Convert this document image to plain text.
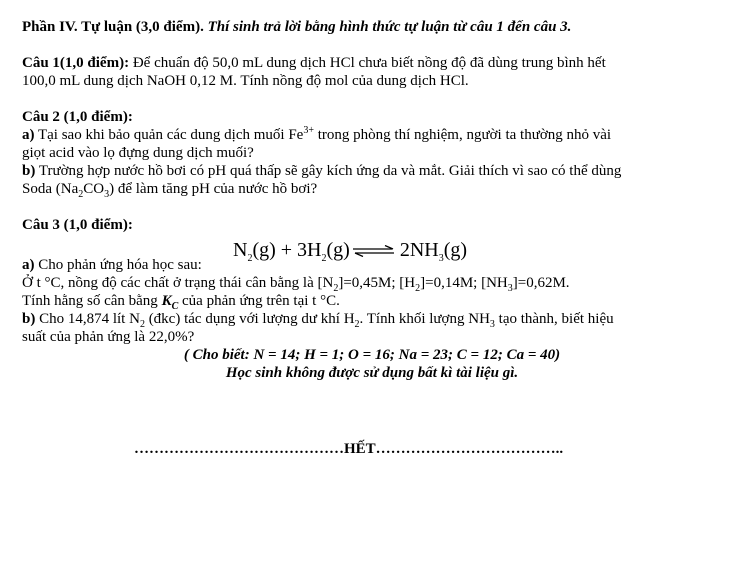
Phần IV. Tự luận (3,0 điểm). Thí sinh trả lời bằng hình thức tự luận từ câu 1 đến câu 3.
Câu 1(1,0 điểm): Để chuẩn độ 50,0 mL dung dịch HCl chưa biết nồng độ đã dùng trung bình hết
100,0 mL dung dịch NaOH 0,12 M. Tính nồng độ mol của dung dịch HCl.
Câu 2 (1,0 điểm):
a) Tại sao khi bảo quản các dung dịch muối $Fe^{3+}$ trong phòng thí nghiệm, người ta thường nhỏ vài
giọt acid vào lọ đựng dung dịch muối?
b) Trường hợp nước hồ bơi có pH quá thấp sẽ gây kích ứng da và mắt. Giải thích vì sao có thể dùng
Soda $(Na_2CO_3)$ để làm tăng pH của nước hồ bơi?
Câu 3 (1,0 điểm):
a) Cho phản ứng hóa học sau:
$N_2(g) + 3H_2(g)$ ⇌ $2NH_3(g)$
Ở t °C, nồng độ các chất ở trạng thái cân bằng là $[N_2]=0,45M$; $[H_2]=0,14M$; $[NH_3]=0,62M$.
Tính hằng số cân bằng $K_C$ của phản ứng trên tại t °C.
b) Cho 14,874 lít $N_2$ (đkc) tác dụng với lượng dư khí $H_2$. Tính khối lượng $NH_3$ tạo thành, biết hiệu
suất của phản ứng là 22,0%?
( Cho biết: N = 14; H = 1; O = 16; Na = 23; C = 12; Ca = 40)
Học sinh không được sử dụng bất kì tài liệu gì.
……………………………………HẾT………………………………..
